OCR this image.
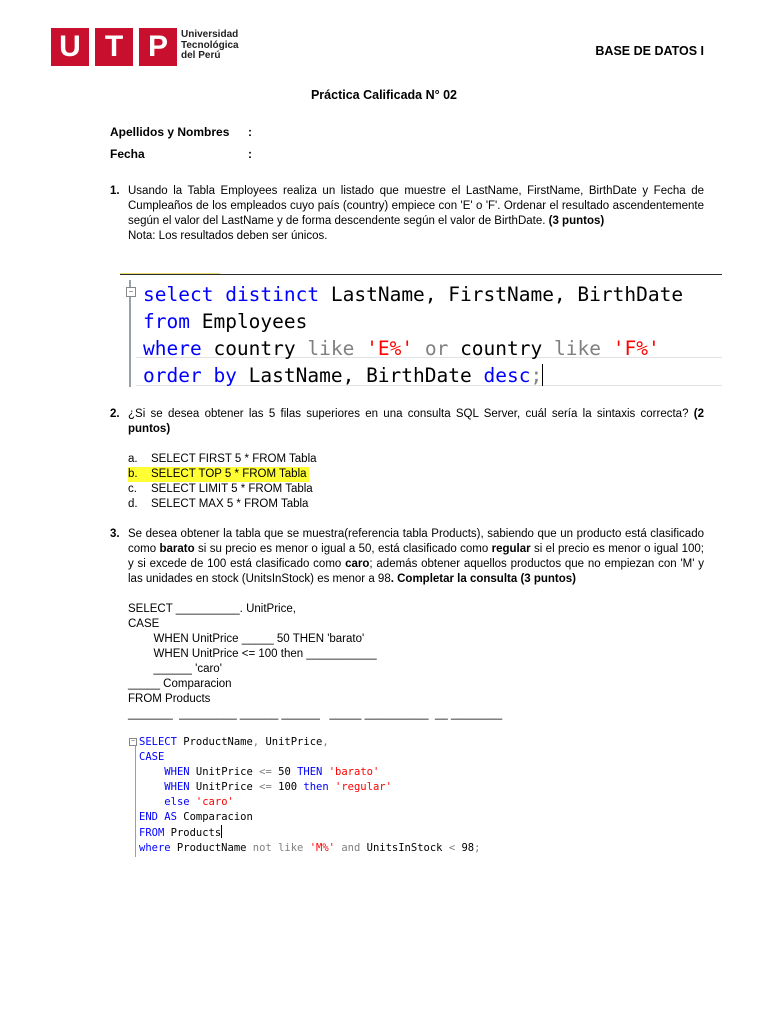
U T P	Universidad
Tecnológica
del Perú	BASE DE DATOS I
Práctica Calificada N° 02
Apellidos y Nombres :
Fecha	:
1. Usando la Tabla Employees realiza un listado que muestre el LastName, FirstName, BirthDate y Fecha de Cumpleaños de los empleados cuyo país (country) empiece con 'E' o 'F'. Ordenar el resultado ascendentemente según el valor del LastName y de forma descendente según el valor de BirthDate. (3 puntos)
Nota: Los resultados deben ser únicos.
− select distinct LastName, FirstName, BirthDate
from Employees
where country like 'E%' or country like 'F%'
order by LastName, BirthDate desc;
2. ¿Si se desea obtener las 5 filas superiores en una consulta SQL Server, cuál sería la sintaxis correcta? (2 puntos)
a. SELECT FIRST 5 * FROM Tabla
b. SELECT TOP 5 * FROM Tabla
c. SELECT LIMIT 5 * FROM Tabla
d. SELECT MAX 5 * FROM Tabla
3. Se desea obtener la tabla que se muestra(referencia tabla Products), sabiendo que un producto está clasificado como barato si su precio es menor o igual a 50, está clasificado como regular si el precio es menor o igual 100; y si excede de 100 está clasificado como caro; además obtener aquellos productos que no empiezan con 'M' y las unidades en stock (UnitsInStock) es menor a 98. Completar la consulta (3 puntos)
SELECT __________. UnitPrice,
CASE
WHEN UnitPrice _____ 50 THEN 'barato'
WHEN UnitPrice <= 100 then ___________
______ 'caro'
_____ Comparacion
FROM Products
_______  _________ ______ ______   _____ __________  __ ________
− SELECT ProductName, UnitPrice,
CASE
WHEN UnitPrice <= 50 THEN 'barato'
WHEN UnitPrice <= 100 then 'regular'
else 'caro'
END AS Comparacion
FROM Products
where ProductName not like 'M%' and UnitsInStock < 98;
